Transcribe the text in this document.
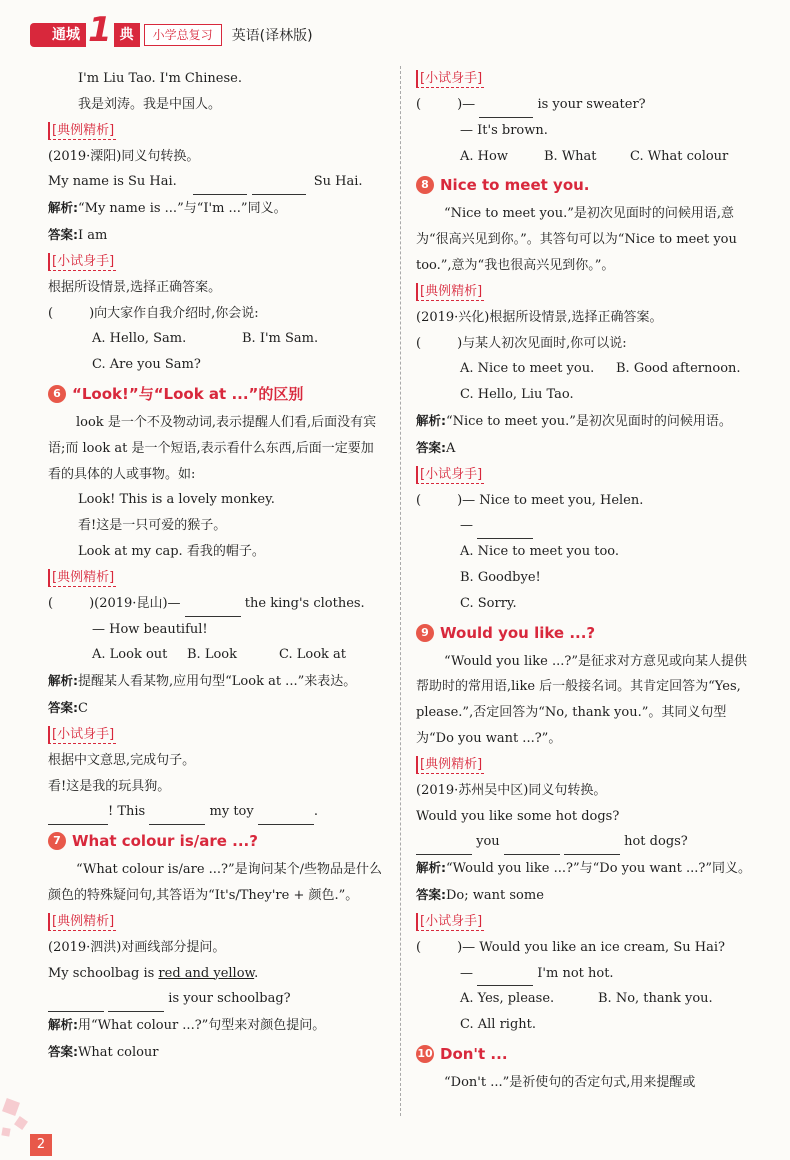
通城 1 典	小学总复习	英语(译林版)
I'm Liu Tao. I'm Chinese.
我是刘涛。我是中国人。
[典例精析]
(2019·溧阳)同义句转换。
My name is Su Hai.	Su Hai.
解析:“My name is ...”与“I'm ...”同义。
答案:I am
[小试身手]
根据所设情景,选择正确答案。
(	)向大家作自我介绍时,你会说:
A. Hello, Sam.	B. I'm Sam.
C. Are you Sam?
6 “Look!”与“Look at ...”的区别
look 是一个不及物动词,表示提醒人们看,后面没有宾语;而 look at 是一个短语,表示看什么东西,后面一定要加看的具体的人或事物。如:
Look! This is a lovely monkey.
看!这是一只可爱的猴子。
Look at my cap. 看我的帽子。
[典例精析]
(	)(2019·昆山)—	the king's clothes.
— How beautiful!
A. Look out B. Look	C. Look at
解析:提醒某人看某物,应用句型“Look at ...”来表达。
答案:C
[小试身手]
根据中文意思,完成句子。
看!这是我的玩具狗。
! This	my toy	.
7 What colour is/are ...?
“What colour is/are ...?”是询问某个/些物品是什么颜色的特殊疑问句,其答语为“It's/They're + 颜色.”。
[典例精析]
(2019·泗洪)对画线部分提问。
My schoolbag is red and yellow.
is your schoolbag?
解析:用“What colour ...?”句型来对颜色提问。
答案:What colour
[小试身手]
(	)—	is your sweater?
— It's brown.
A. How	B. What	C. What colour
8 Nice to meet you.
“Nice to meet you.”是初次见面时的问候用语,意为“很高兴见到你。”。其答句可以为“Nice to meet you too.”,意为“我也很高兴见到你。”。
[典例精析]
(2019·兴化)根据所设情景,选择正确答案。
(	)与某人初次见面时,你可以说:
A. Nice to meet you. B. Good afternoon.
C. Hello, Liu Tao.
解析:“Nice to meet you.”是初次见面时的问候用语。
答案:A
[小试身手]
(	)— Nice to meet you, Helen.
—
A. Nice to meet you too.
B. Goodbye!
C. Sorry.
9 Would you like ...?
“Would you like ...?”是征求对方意见或向某人提供帮助时的常用语,like 后一般接名词。其肯定回答为“Yes, please.”,否定回答为“No, thank you.”。其同义句型为“Do you want ...?”。
[典例精析]
(2019·苏州吴中区)同义句转换。
Would you like some hot dogs?
you	hot dogs?
解析:“Would you like ...?”与“Do you want ...?”同义。
答案:Do; want some
[小试身手]
(	)— Would you like an ice cream, Su Hai?
—	I'm not hot.
A. Yes, please.	B. No, thank you.
C. All right.
10 Don't ...
“Don't ...”是祈使句的否定句式,用来提醒或
2
